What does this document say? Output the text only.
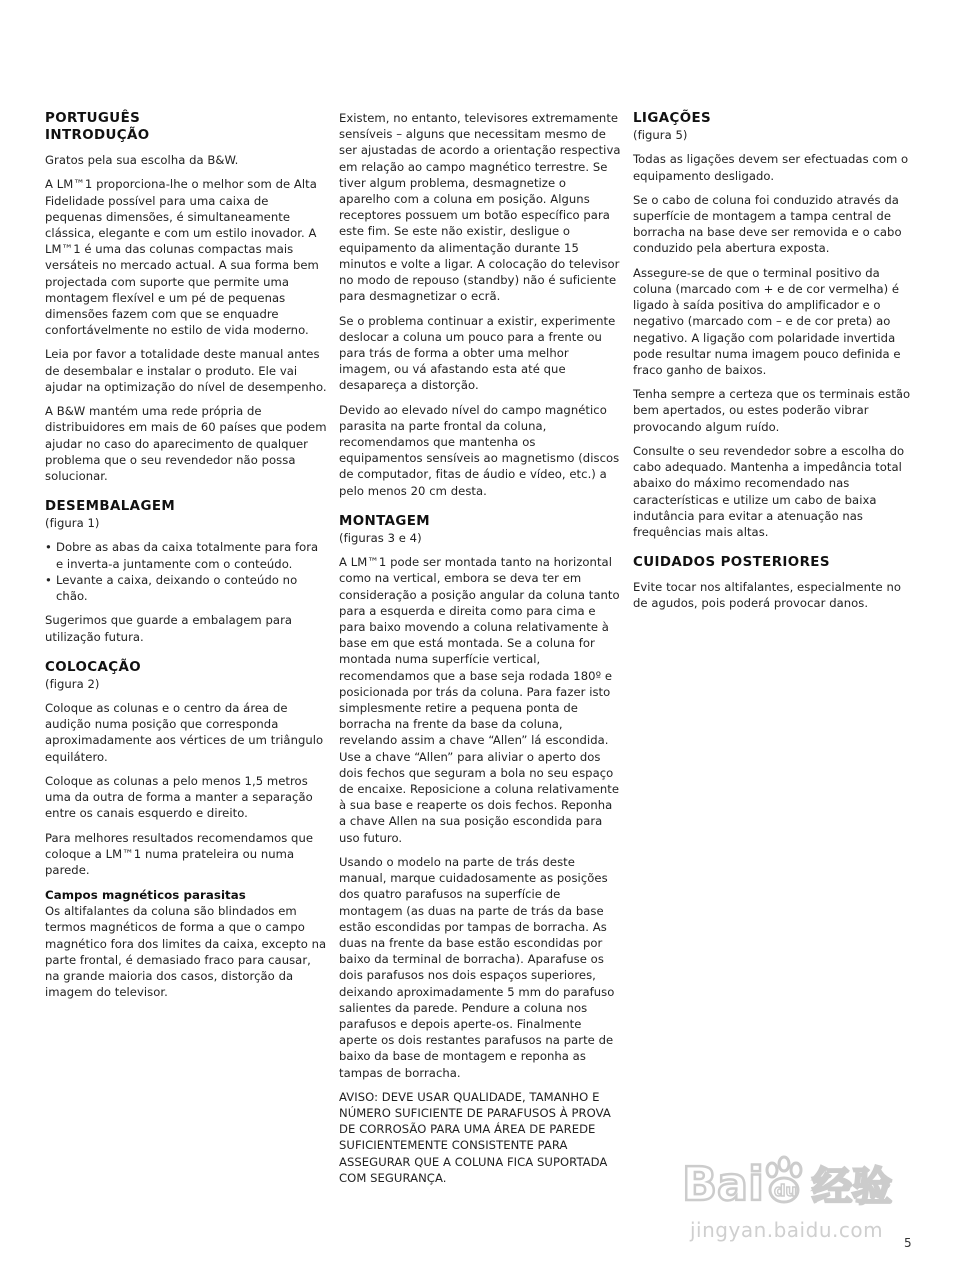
PORTUGUÊS
INTRODUÇÃO

Gratos pela sua escolha da B&W.

A LM™1 proporciona-lhe o melhor som de Alta Fidelidade possível para uma caixa de pequenas dimensões, é simultaneamente clássica, elegante e com um estilo inovador. A LM™1 é uma das colunas compactas mais versáteis no mercado actual. A sua forma bem projectada com suporte que permite uma montagem flexível e um pé de pequenas dimensões fazem com que se enquadre confortávelmente no estilo de vida moderno.

Leia por favor a totalidade deste manual antes de desembalar e instalar o produto. Ele vai ajudar na optimização do nível de desempenho.

A B&W mantém uma rede própria de distribuidores em mais de 60 países que podem ajudar no caso do aparecimento de qualquer problema que o seu revendedor não possa solucionar.

DESEMBALAGEM
(figura 1)
• Dobre as abas da caixa totalmente para fora e inverta-a juntamente com o conteúdo.
• Levante a caixa, deixando o conteúdo no chão.

Sugerimos que guarde a embalagem para utilização futura.

COLOCAÇÃO
(figura 2)

Coloque as colunas e o centro da área de audição numa posição que corresponda aproximadamente aos vértices de um triângulo equilátero.

Coloque as colunas a pelo menos 1,5 metros uma da outra de forma a manter a separação entre os canais esquerdo e direito.

Para melhores resultados recomendamos que coloque a LM™1 numa prateleira ou numa parede.

Campos magnéticos parasitas

Os altifalantes da coluna são blindados em termos magnéticos de forma a que o campo magnético fora dos limites da caixa, excepto na parte frontal, é demasiado fraco para causar, na grande maioria dos casos, distorção da imagem do televisor.

Existem, no entanto, televisores extremamente sensíveis – alguns que necessitam mesmo de ser ajustadas de acordo a orientação respectiva em relação ao campo magnético terrestre. Se tiver algum problema, desmagnetize o aparelho com a coluna em posição. Alguns receptores possuem um botão específico para este fim. Se este não existir, desligue o equipamento da alimentação durante 15 minutos e volte a ligar. A colocação do televisor no modo de repouso (standby) não é suficiente para desmagnetizar o ecrã.

Se o problema continuar a existir, experimente deslocar a coluna um pouco para a frente ou para trás de forma a obter uma melhor imagem, ou vá afastando esta até que desapareça a distorção.

Devido ao elevado nível do campo magnético parasita na parte frontal da coluna, recomendamos que mantenha os equipamentos sensíveis ao magnetismo (discos de computador, fitas de áudio e vídeo, etc.) a pelo menos 20 cm desta.

MONTAGEM
(figuras 3 e 4)

A LM™1 pode ser montada tanto na horizontal como na vertical, embora se deva ter em consideração a posição angular da coluna tanto para a esquerda e direita como para cima e para baixo movendo a coluna relativamente à base em que está montada. Se a coluna for montada numa superfície vertical, recomendamos que a base seja rodada 180º e posicionada por trás da coluna. Para fazer isto simplesmente retire a pequena ponta de borracha na frente da base da coluna, revelando assim a chave “Allen” lá escondida. Use a chave “Allen” para aliviar o aperto dos dois fechos que seguram a bola no seu espaço de encaixe. Reposicione a coluna relativamente à sua base e reaperte os dois fechos. Reponha a chave Allen na sua posição escondida para uso futuro.

Usando o modelo na parte de trás deste manual, marque cuidadosamente as posições dos quatro parafusos na superfície de montagem (as duas na parte de trás da base estão escondidas por tampas de borracha. As duas na frente da base estão escondidas por baixo da terminal de borracha). Aparafuse os dois parafusos nos dois espaços superiores, deixando aproximadamente 5 mm do parafuso salientes da parede. Pendure a coluna nos parafusos e depois aperte-os. Finalmente aperte os dois restantes parafusos na parte de baixo da base de montagem e reponha as tampas de borracha.

AVISO: DEVE USAR QUALIDADE, TAMANHO E NÚMERO SUFICIENTE DE PARAFUSOS À PROVA DE CORROSÃO PARA UMA ÁREA DE PAREDE SUFICIENTEMENTE CONSISTENTE PARA ASSEGURAR QUE A COLUNA FICA SUPORTADA COM SEGURANÇA.

LIGAÇÕES
(figura 5)

Todas as ligações devem ser efectuadas com o equipamento desligado.

Se o cabo de coluna foi conduzido através da superfície de montagem a tampa central de borracha na base deve ser removida e o cabo conduzido pela abertura exposta.

Assegure-se de que o terminal positivo da coluna (marcado com + e de cor vermelha) é ligado à saída positiva do amplificador e o negativo (marcado com – e de cor preta) ao negativo. A ligação com polaridade invertida pode resultar numa imagem pouco definida e fraco ganho de baixos.

Tenha sempre a certeza que os terminais estão bem apertados, ou estes poderão vibrar provocando algum ruído.

Consulte o seu revendedor sobre a escolha do cabo adequado. Mantenha a impedância total abaixo do máximo recomendado nas características e utilize um cabo de baixa indutância para evitar a atenuação nas frequências mais altas.

CUIDADOS POSTERIORES

Evite tocar nos altifalantes, especialmente no de agudos, pois poderá provocar danos.

Bai du 经验
jingyan.baidu.com
5
